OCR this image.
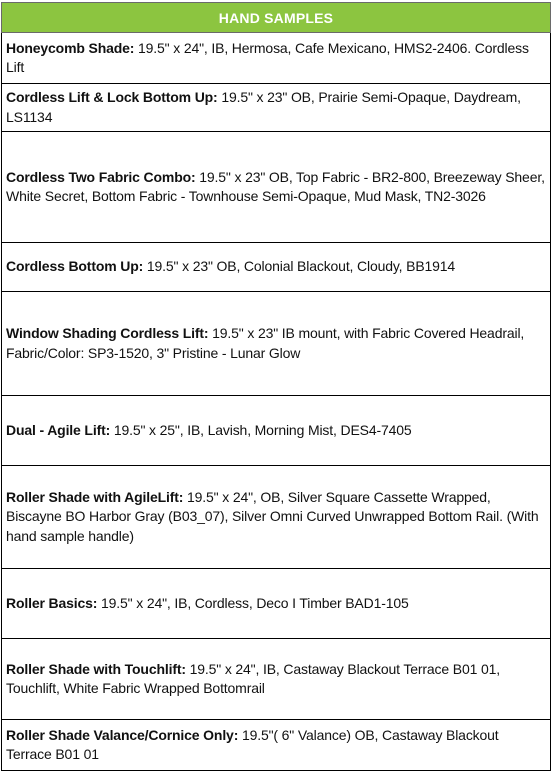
HAND SAMPLES
Honeycomb Shade: 19.5" x 24", IB, Hermosa, Cafe Mexicano, HMS2-2406. Cordless Lift
Cordless Lift & Lock Bottom Up: 19.5" x 23" OB, Prairie Semi-Opaque, Daydream, LS1134
Cordless Two Fabric Combo: 19.5" x 23" OB, Top Fabric - BR2-800, Breezeway Sheer, White Secret, Bottom Fabric - Townhouse Semi-Opaque, Mud Mask, TN2-3026
Cordless Bottom Up: 19.5" x 23" OB, Colonial Blackout, Cloudy, BB1914
Window Shading Cordless Lift: 19.5" x 23" IB mount, with Fabric Covered Headrail, Fabric/Color: SP3-1520, 3" Pristine - Lunar Glow
Dual - Agile Lift: 19.5" x 25", IB, Lavish, Morning Mist, DES4-7405
Roller Shade with AgileLift: 19.5" x 24", OB, Silver Square Cassette Wrapped, Biscayne BO Harbor Gray (B03_07), Silver Omni Curved Unwrapped Bottom Rail. (With hand sample handle)
Roller Basics: 19.5" x 24", IB, Cordless, Deco I Timber BAD1-105
Roller Shade with Touchlift: 19.5" x 24", IB, Castaway Blackout Terrace B01 01, Touchlift, White Fabric Wrapped Bottomrail
Roller Shade Valance/Cornice Only: 19.5"( 6" Valance) OB, Castaway Blackout Terrace B01 01
